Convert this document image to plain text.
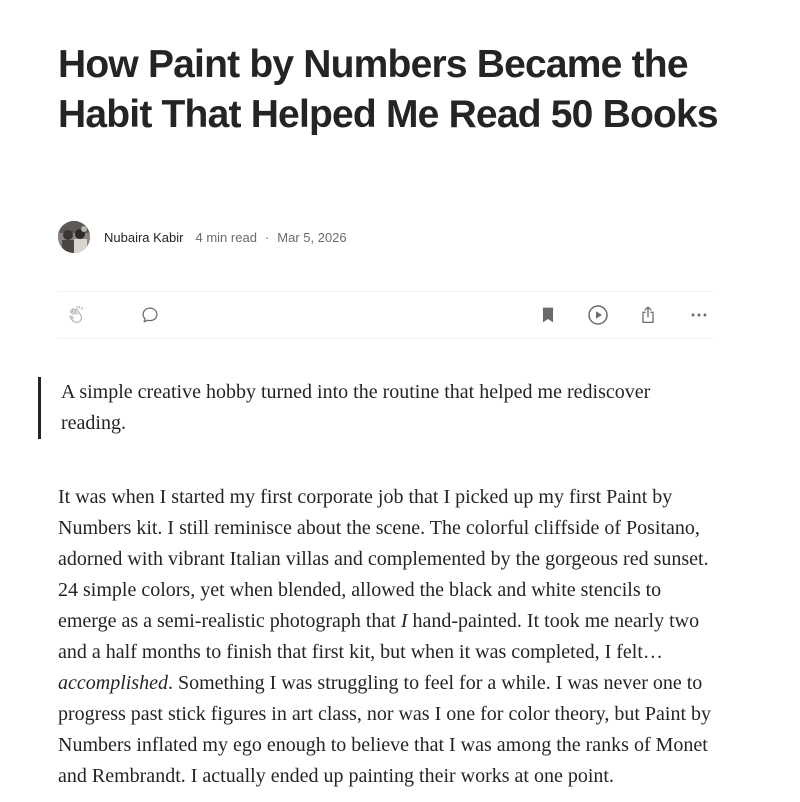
How Paint by Numbers Became the Habit That Helped Me Read 50 Books
Nubaira Kabir 4 min read · Mar 5, 2026

A simple creative hobby turned into the routine that helped me rediscover reading.

It was when I started my first corporate job that I picked up my first Paint by Numbers kit. I still reminisce about the scene. The colorful cliffside of Positano, adorned with vibrant Italian villas and complemented by the gorgeous red sunset. 24 simple colors, yet when blended, allowed the black and white stencils to emerge as a semi-realistic photograph that I hand-painted. It took me nearly two and a half months to finish that first kit, but when it was completed, I felt… accomplished. Something I was struggling to feel for a while. I was never one to progress past stick figures in art class, nor was I one for color theory, but Paint by Numbers inflated my ego enough to believe that I was among the ranks of Monet and Rembrandt. I actually ended up painting their works at one point.
